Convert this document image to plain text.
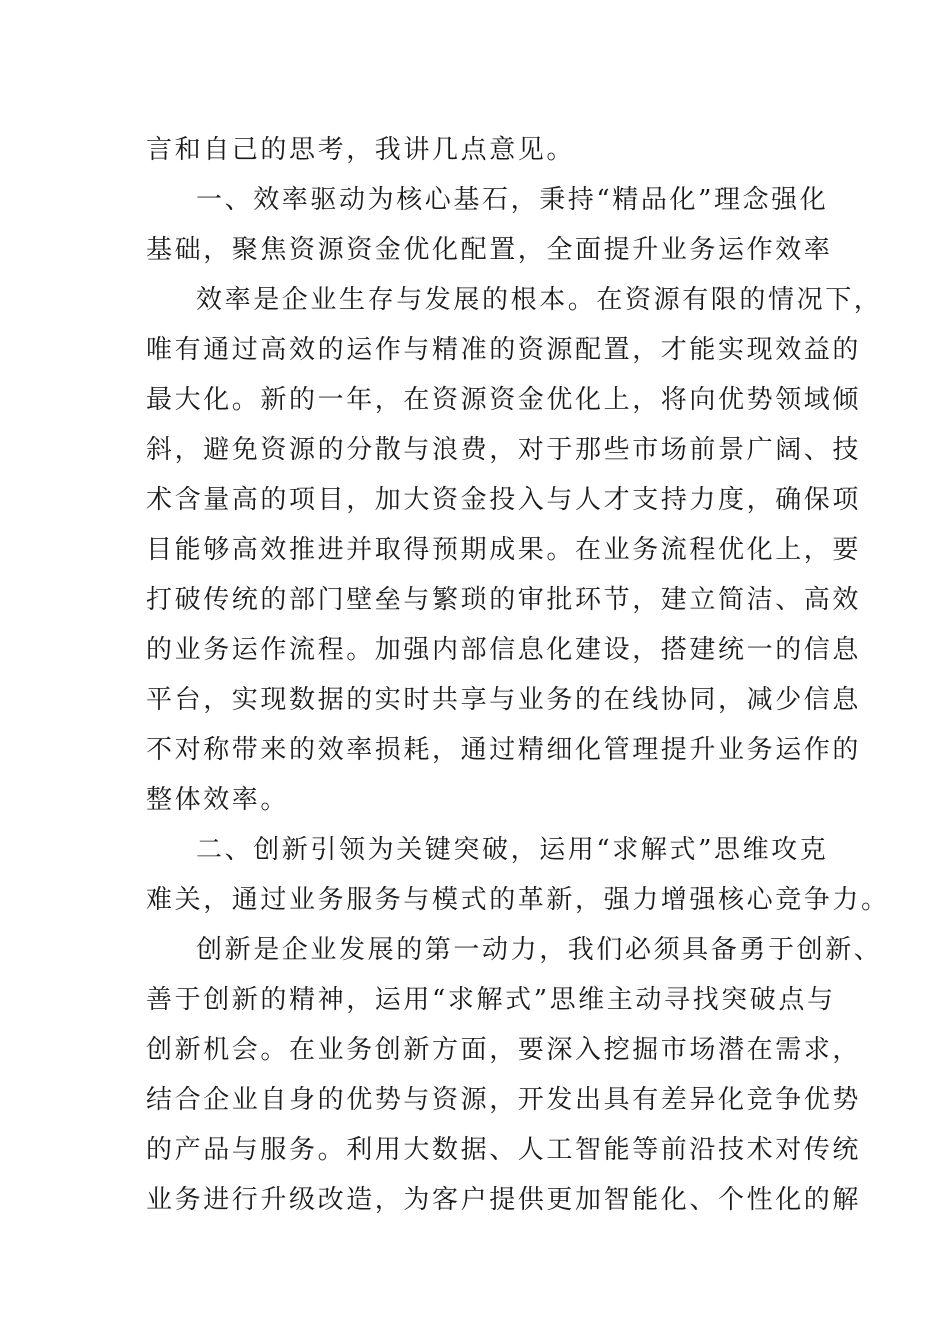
言和自己的思考，我讲几点意见。
一、效率驱动为核心基石，秉持“精品化”理念强化
基础，聚焦资源资金优化配置，全面提升业务运作效率
效率是企业生存与发展的根本。在资源有限的情况下，
唯有通过高效的运作与精准的资源配置，才能实现效益的
最大化。新的一年，在资源资金优化上，将向优势领域倾
斜，避免资源的分散与浪费，对于那些市场前景广阔、技
术含量高的项目，加大资金投入与人才支持力度，确保项
目能够高效推进并取得预期成果。在业务流程优化上，要
打破传统的部门壁垒与繁琐的审批环节，建立简洁、高效
的业务运作流程。加强内部信息化建设，搭建统一的信息
平台，实现数据的实时共享与业务的在线协同，减少信息
不对称带来的效率损耗，通过精细化管理提升业务运作的
整体效率。
二、创新引领为关键突破，运用“求解式”思维攻克
难关，通过业务服务与模式的革新，强力增强核心竞争力。
创新是企业发展的第一动力，我们必须具备勇于创新、
善于创新的精神，运用“求解式”思维主动寻找突破点与
创新机会。在业务创新方面，要深入挖掘市场潜在需求，
结合企业自身的优势与资源，开发出具有差异化竞争优势
的产品与服务。利用大数据、人工智能等前沿技术对传统
业务进行升级改造，为客户提供更加智能化、个性化的解
